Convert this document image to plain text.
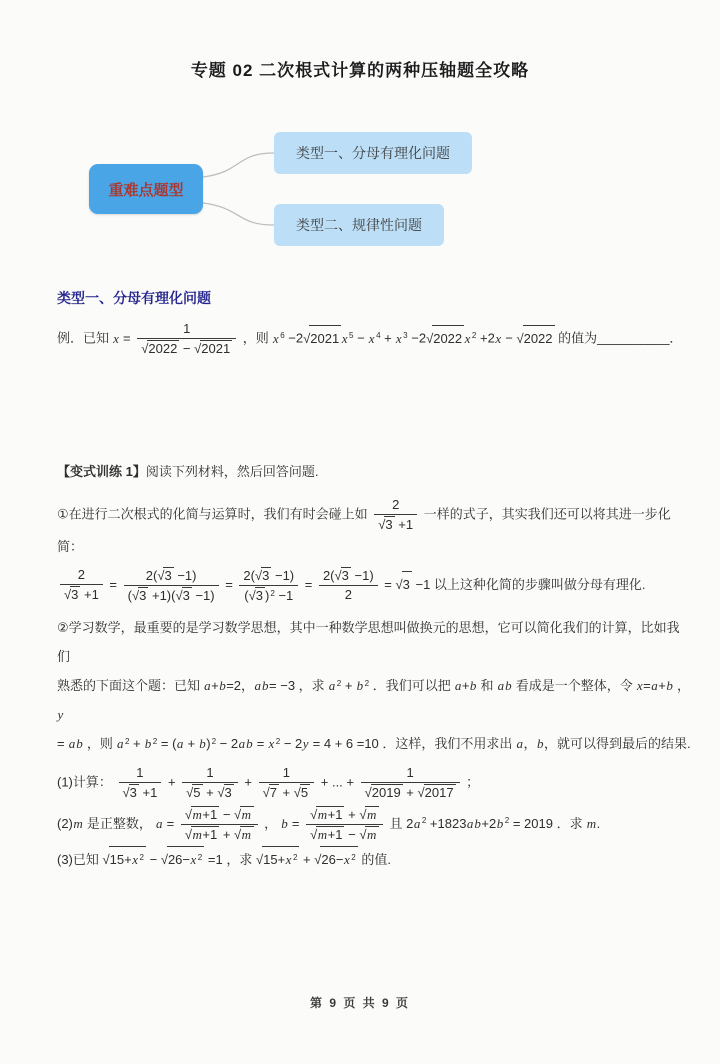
专题 02 二次根式计算的两种压轴题全攻略
重难点题型
类型一、分母有理化问题
类型二、规律性问题
类型一、分母有理化问题

例．已知 $x = \frac{1}{√2022 - √2021}$ ，则 x $^6$ −2√2021 x $^5$ − x $^4$ + x $^3$ −2√2022 x $^2$ +2x − √2022 的值为__________．

【变式训练 1】阅读下列材料，然后回答问题.

①在进行二次根式的化简与运算时，我们有时会碰上如 $\frac{2}{√3 +1}$ 一样的式子，其实我们还可以将其进一步化简：

$\frac{2}{√3 +1} = \frac{2(√3 -1)}{(√3 +1)(√3 -1)} = \frac{2(√3 -1)}{(√3 )^2 -1} = \frac{2(√3 -1)}{2} = √3 -1$ 以上这种化简的步骤叫做分母有理化.

②学习数学，最重要的是学习数学思想，其中一种数学思想叫做换元的思想，它可以简化我们的计算，比如我们
熟悉的下面这个题：已知 a+b=2，ab= −3 ，求 a $^2$ + b $^2$ ．我们可以把 a+b 和 ab 看成是一个整体，令 x=a+b ， y
= ab ，则 a $^2$ + b $^2 = (a + b)^2 - 2ab = x$ $^2$ − 2y = 4 + 6 =10 ．这样，我们不用求出 a，b，就可以得到最后的结果.

(1)计算： $\frac{1}{√3 +1} + \frac{1}{√5 + √3} + \frac{1}{√7 + √5}$ + ... + $\frac{1}{√2019 + √2017}$ ；

(2)m 是正整数， $a = \frac{√m+1 - √m}{√m+1 + √m}$ ， $b = \frac{√m+1 + √m}{√m+1 - √m}$ 且 2a $^2$ +1823ab+2b $^2$ = 2019 ．求 m.

(3)已知 √15+x $^2$ − √26−x $^2$ =1 ，求 √15+x $^2$ + √26−x $^2$ 的值.

第 9 页 共 9 页
